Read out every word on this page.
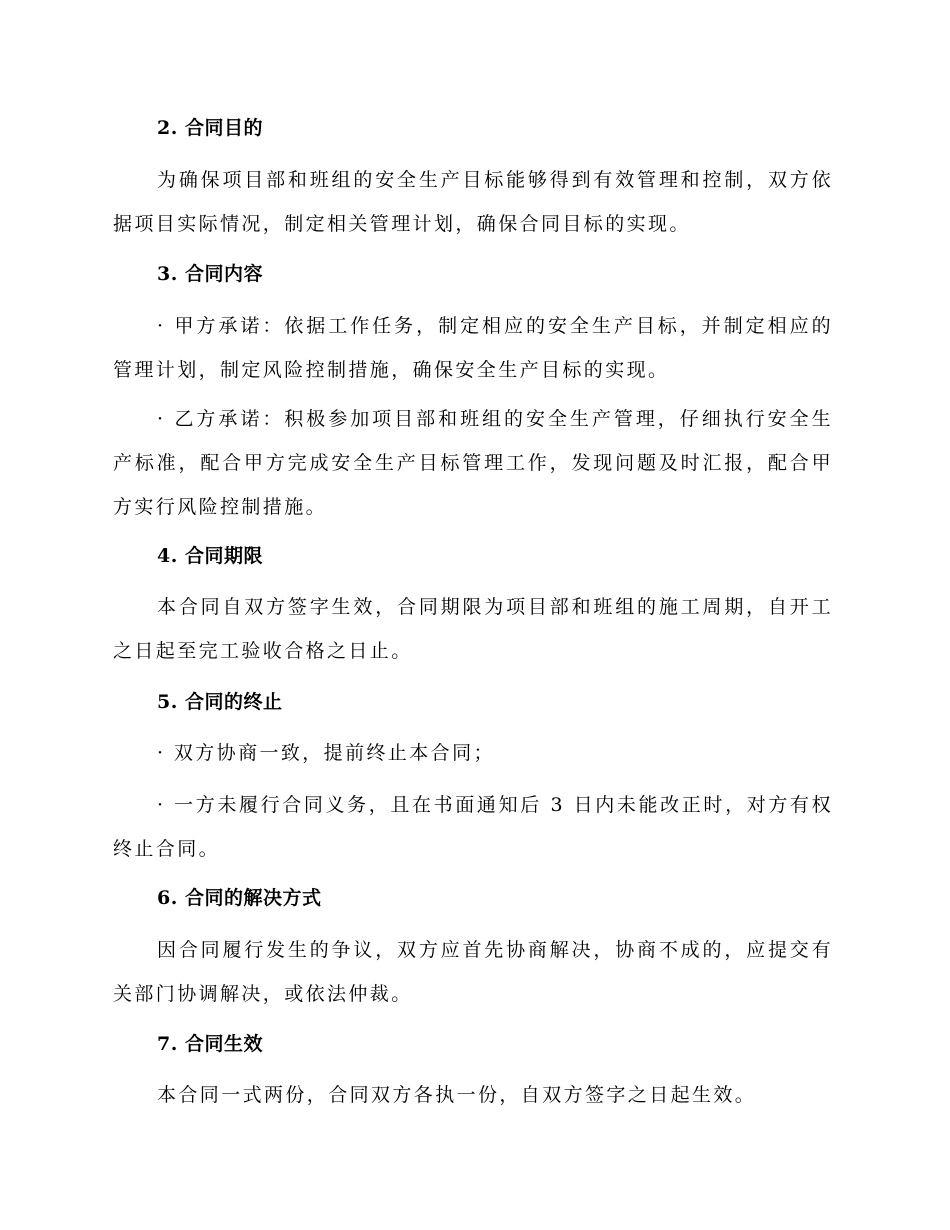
2. 合同目的
为确保项目部和班组的安全生产目标能够得到有效管理和控制，双方依据项目实际情况，制定相关管理计划，确保合同目标的实现。
3. 合同内容
· 甲方承诺：依据工作任务，制定相应的安全生产目标，并制定相应的管理计划，制定风险控制措施，确保安全生产目标的实现。
· 乙方承诺：积极参加项目部和班组的安全生产管理，仔细执行安全生产标准，配合甲方完成安全生产目标管理工作，发现问题及时汇报，配合甲方实行风险控制措施。
4. 合同期限
本合同自双方签字生效，合同期限为项目部和班组的施工周期，自开工之日起至完工验收合格之日止。
5. 合同的终止
· 双方协商一致，提前终止本合同；
· 一方未履行合同义务，且在书面通知后 3 日内未能改正时，对方有权终止合同。
6. 合同的解决方式
因合同履行发生的争议，双方应首先协商解决，协商不成的，应提交有关部门协调解决，或依法仲裁。
7. 合同生效
本合同一式两份，合同双方各执一份，自双方签字之日起生效。
